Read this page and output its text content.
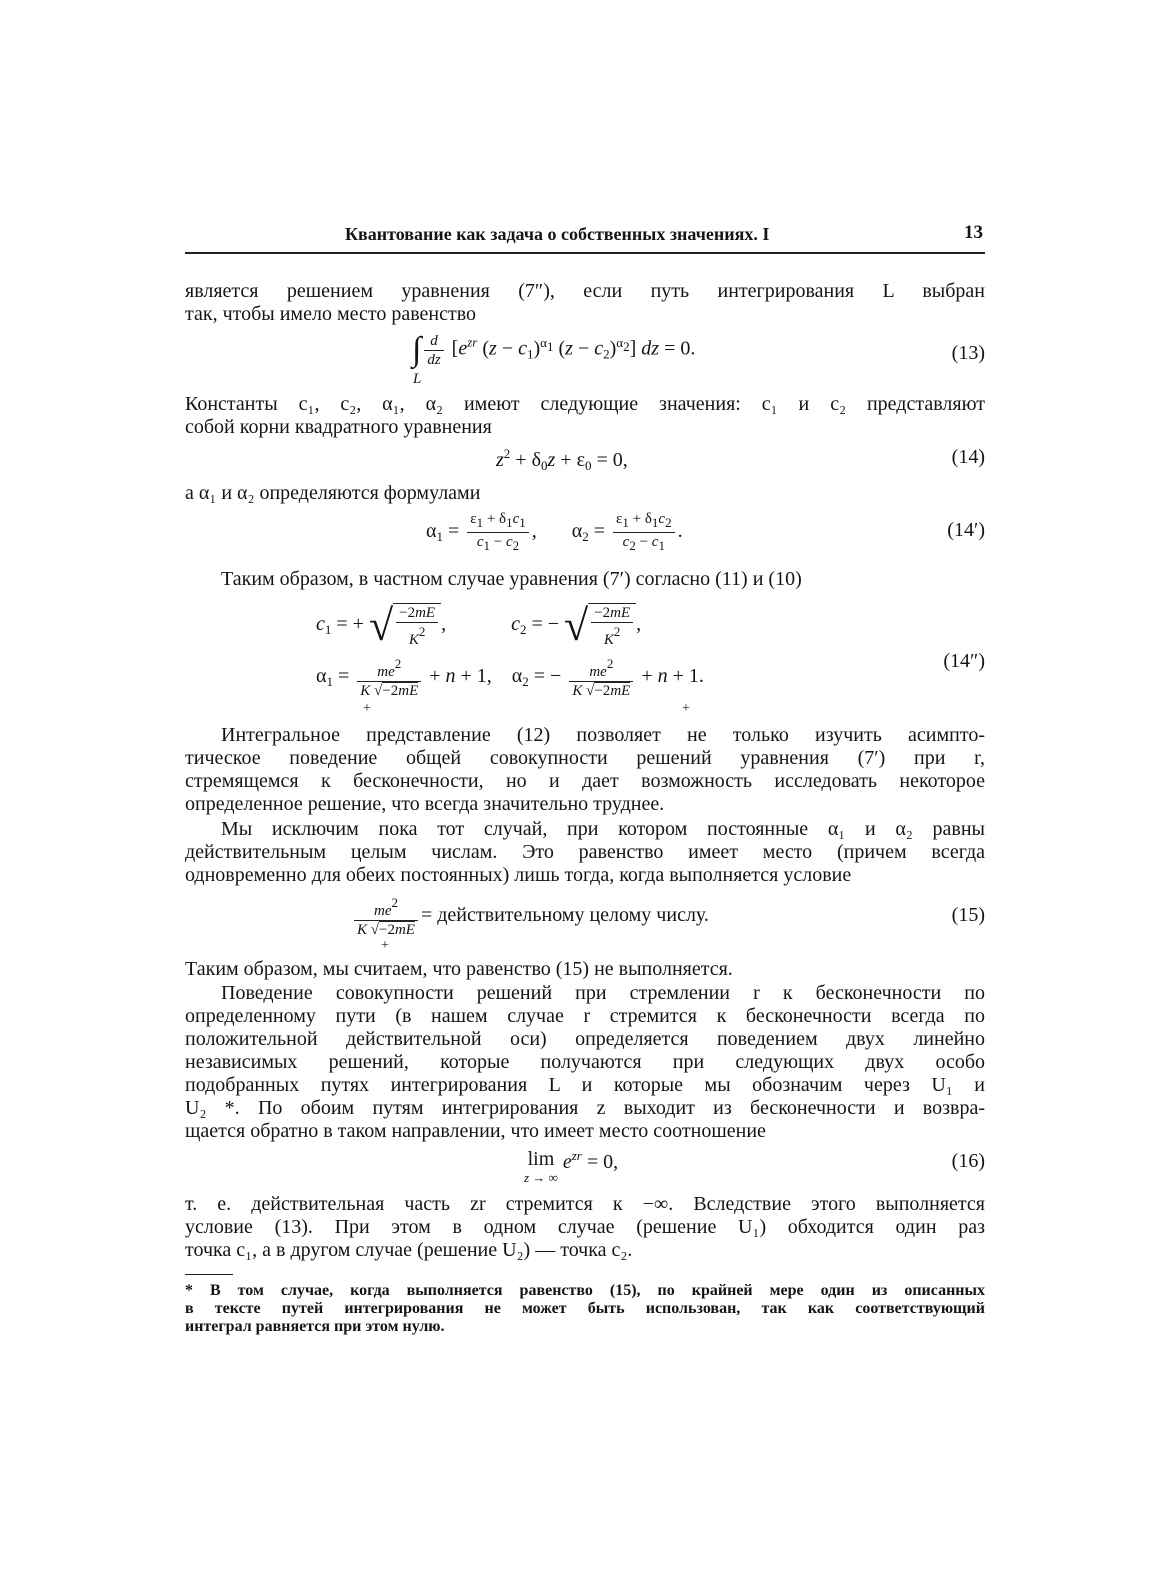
Квантование как задача о собственных значениях. I	13

является решением уравнения (7″), если путь интегрирования L выбран

так, чтобы имело место равенство

∫ $\frac{d}{dz} [e^{zr}$ $(z - c_1)^{\alpha_1}$ $(z - c_2)^{\alpha_2}$] dz = 0.
L
(13)

Константы c₁, c₂, α₁, α₂ имеют следующие значения: c₁ и c₂ представляют

собой корни квадратного уравнения

$z^2 + \delta_0z + \varepsilon_0 = 0$,	(14)

а α₁ и α₂ определяются формулами

$\alpha_1 = \frac{\varepsilon_1 + \delta_1c_1}{c_1 - c_2}$ ,       $\alpha_2 = \frac{\varepsilon_1 + \delta_1c_2}{c_2 - c_1}$ .	(14′)

Таким образом, в частном случае уравнения (7′) согласно (11) и (10)

$c_1$ = + √ $\frac{-2mE}{K^2}$ ,             $c_2$ = − √ $\frac{-2mE}{K^2}$ ,
$\alpha_1 = \frac{me^2}{K √-2mE} + n + 1$,    $\alpha_2$ = − $\frac{me^2}{K √-2mE} + n + 1$.
+	+
(14″)

Интегральное представление (12) позволяет не только изучить асимпто-

тическое поведение общей совокупности решений уравнения (7′) при r,

стремящемся к бесконечности, но и дает возможность исследовать некоторое

определенное решение, что всегда значительно труднее.

Мы исключим пока тот случай, при котором постоянные α₁ и α₂ равны

действительным целым числам. Это равенство имеет место (причем всегда

одновременно для обеих постоянных) лишь тогда, когда выполняется условие

$\frac{me^2}{K √-2mE}$ = действительному целому числу.
+
(15)

Таким образом, мы считаем, что равенство (15) не выполняется.

Поведение совокупности решений при стремлении r к бесконечности по

определенному пути (в нашем случае r стремится к бесконечности всегда по

положительной действительной оси) определяется поведением двух линейно

независимых решений, которые получаются при следующих двух особо

подобранных путях интегрирования L и которые мы обозначим через U₁ и

U₂ *. По обоим путям интегрирования z выходит из бесконечности и возвра-

щается обратно в таком направлении, что имеет место соотношение

lim
z → ∞
$e^{zr} = 0$,	(16)

т. е. действительная часть zr стремится к −∞. Вследствие этого выполняется

условие (13). При этом в одном случае (решение U₁) обходится один раз

точка c₁, а в другом случае (решение U₂) — точка c₂.

* В том случае, когда выполняется равенство (15), по крайней мере один из описанных

в тексте путей интегрирования не может быть использован, так как соответствующий

интеграл равняется при этом нулю.
